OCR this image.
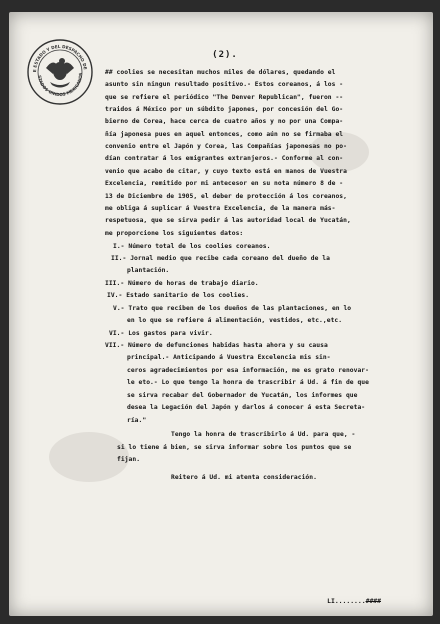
E ESTADO Y DEL DESPACHO DE
STADOS UNIDOS MEXICANOS
(2).
## coolies se necesitan muchos miles de dólares, quedando el
asunto sin ningun resultado positivo.- Estos coreanos, á los -
que se refiere el periódico "The Denver Republican", fueron --
traidos á México por un súbdito japones, por concesión del Go-
bierno de Corea, hace cerca de cuatro años y no por una Compa-
ñía japonesa pues en aquel entonces, como aún no se firmaba el
convenio entre el Japón y Corea, las Compañías japonesas no po-
dían contratar á los emigrantes extranjeros.- Conforme al con-
venio que acabo de citar, y cuyo texto está en manos de Vuestra
Excelencia, remitido por mi antecesor en su nota número 8 de -
13 de Diciembre de 1905, el deber de protección á los coreanos,
me obliga á suplicar á Vuestra Excelencia, de la manera más-
respetuosa, que se sirva pedir á las autoridad local de Yucatán,
me proporcione los siguientes datos:
I.- Número total de los coolies coreanos.
II.- Jornal medio que recibe cada coreano del dueño de la
plantación.
III.- Número de horas de trabajo diario.
IV.- Estado sanitario de los coolies.
V.- Trato que reciben de los dueños de las plantaciones, en lo
en lo que se refiere á alimentación, vestidos, etc.,etc.
VI.- Los gastos para vivir.
VII.- Número de defunciones habidas hasta ahora y su causa
principal.- Anticipando á Vuestra Excelencia mis sin-
ceros agradecimientos por esa información, me es grato renovar-
le eto.- Lo que tengo la honra de trascribir á Ud. á fin de que
se sirva recabar del Gobernador de Yucatán, los informes que
desea la Legación del Japón y darlos á conocer á esta Secreta-
ría."
Tengo la honra de trascribirlo á Ud. para que, -
si lo tiene á bien, se sirva informar sobre los puntos que se
fijan.
Reitero á Ud. mi atenta consideración.
LI........####
